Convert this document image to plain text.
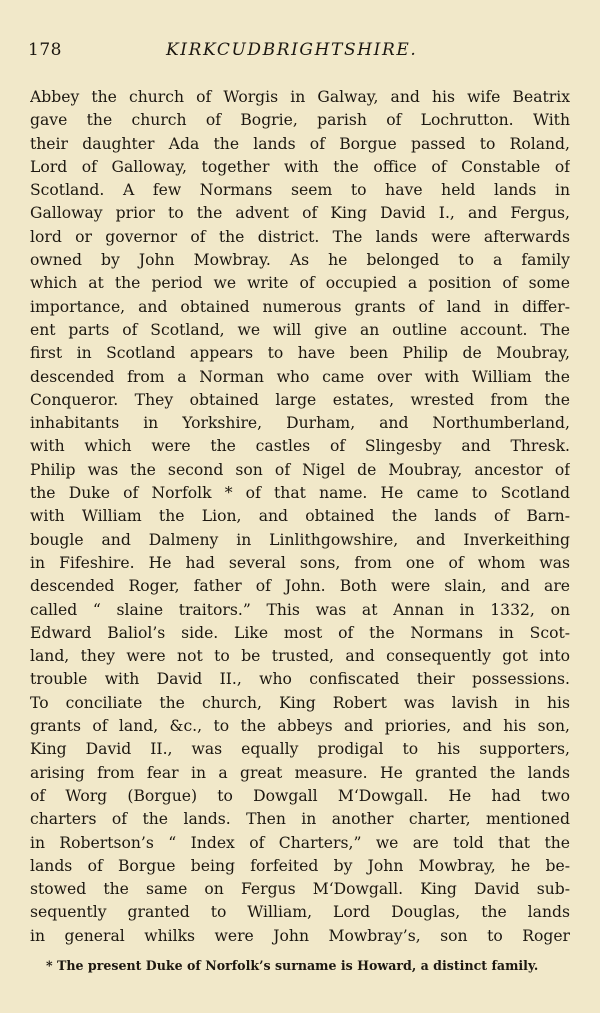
178	KIRKCUDBRIGHTSHIRE.
Abbey the church of Worgis in Galway, and his wife Beatrix
gave the church of Bogrie, parish of Lochrutton. With
their daughter Ada the lands of Borgue passed to Roland,
Lord of Galloway, together with the office of Constable of
Scotland. A few Normans seem to have held lands in
Galloway prior to the advent of King David I., and Fergus,
lord or governor of the district. The lands were afterwards
owned by John Mowbray. As he belonged to a family
which at the period we write of occupied a position of some
importance, and obtained numerous grants of land in differ-
ent parts of Scotland, we will give an outline account. The
first in Scotland appears to have been Philip de Moubray,
descended from a Norman who came over with William the
Conqueror. They obtained large estates, wrested from the
inhabitants in Yorkshire, Durham, and Northumberland,
with which were the castles of Slingesby and Thresk.
Philip was the second son of Nigel de Moubray, ancestor of
the Duke of Norfolk * of that name. He came to Scotland
with William the Lion, and obtained the lands of Barn-
bougle and Dalmeny in Linlithgowshire, and Inverkeithing
in Fifeshire. He had several sons, from one of whom was
descended Roger, father of John. Both were slain, and are
called “ slaine traitors.” This was at Annan in 1332, on
Edward Baliol’s side. Like most of the Normans in Scot-
land, they were not to be trusted, and consequently got into
trouble with David II., who confiscated their possessions.
To conciliate the church, King Robert was lavish in his
grants of land, &c., to the abbeys and priories, and his son,
King David II., was equally prodigal to his supporters,
arising from fear in a great measure. He granted the lands
of Worg (Borgue) to Dowgall M‘Dowgall. He had two
charters of the lands. Then in another charter, mentioned
in Robertson’s “ Index of Charters,” we are told that the
lands of Borgue being forfeited by John Mowbray, he be-
stowed the same on Fergus M‘Dowgall. King David sub-
sequently granted to William, Lord Douglas, the lands
in general whilks were John Mowbray’s, son to Roger
* The present Duke of Norfolk’s surname is Howard, a distinct family.
